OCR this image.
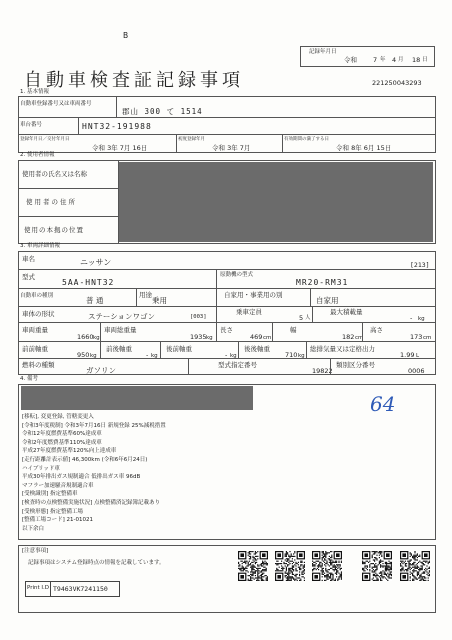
B
自動車検査証記録事項
記録年月日
令和 7 年 4 月 18 日
221250043293
1. 基本情報
自動車登録番号又は車両番号
郡山 300 て 1514
車台番号	HNT32-191988
登録年月日／交付年月日
令和 3年 7月 16日
初度登録年月
令和 3年 7月
有効期間の満了する日
令和 8年 6月 15日
2. 使用者情報
使用者の氏名又は名称
使用者の住所
使用の本拠の位置
3. 車両詳細情報
車名	ニッサン	[213]
型式
5AA-HNT32
原動機の型式
MR20-RM31
自動車の種別	普 通
用途
乗用
自家用・事業用の別
自家用
車体の形状	ステーションワゴン	[003]
乗車定員
5 人
最大積載量
- kg
車両重量
1660 kg
車両総重量
1935 kg
長さ
469 cm
幅
182 cm
高さ
173 cm
前前軸重
950 kg
前後軸重
- kg
後前軸重
- kg
後後軸重
710 kg
総排気量又は定格出力
1.99 L
燃料の種類
ガソリン
型式指定番号
19822
類別区分番号
0006
4. 備考
64
[移転], 変更登録, 管轄変更入
[令和3年度税制] 令和3年7月16日 新規登録 25%減税措置
令和12年度燃費基準60%達成車
令和2年度燃費基準110%達成車
平成27年度燃費基準120%向上達成車
[走行距離計表示値] 46,300km (令和6年6月24日)
ハイブリッド車
平成30年排出ガス規制適合 低排出ガス車 96dB
マフラー加速騒音規制適合車
[受検識別] 指定整備車
[検査時の点検整備実施状況] 点検整備済記録簿記載あり
[受検形態] 指定整備工場
[整備工場コード] 21-01021
以下余白
[注意事項]
記録事項はシステム登録時点の情報を記載しています。
Print I.D T9463VK7241150
